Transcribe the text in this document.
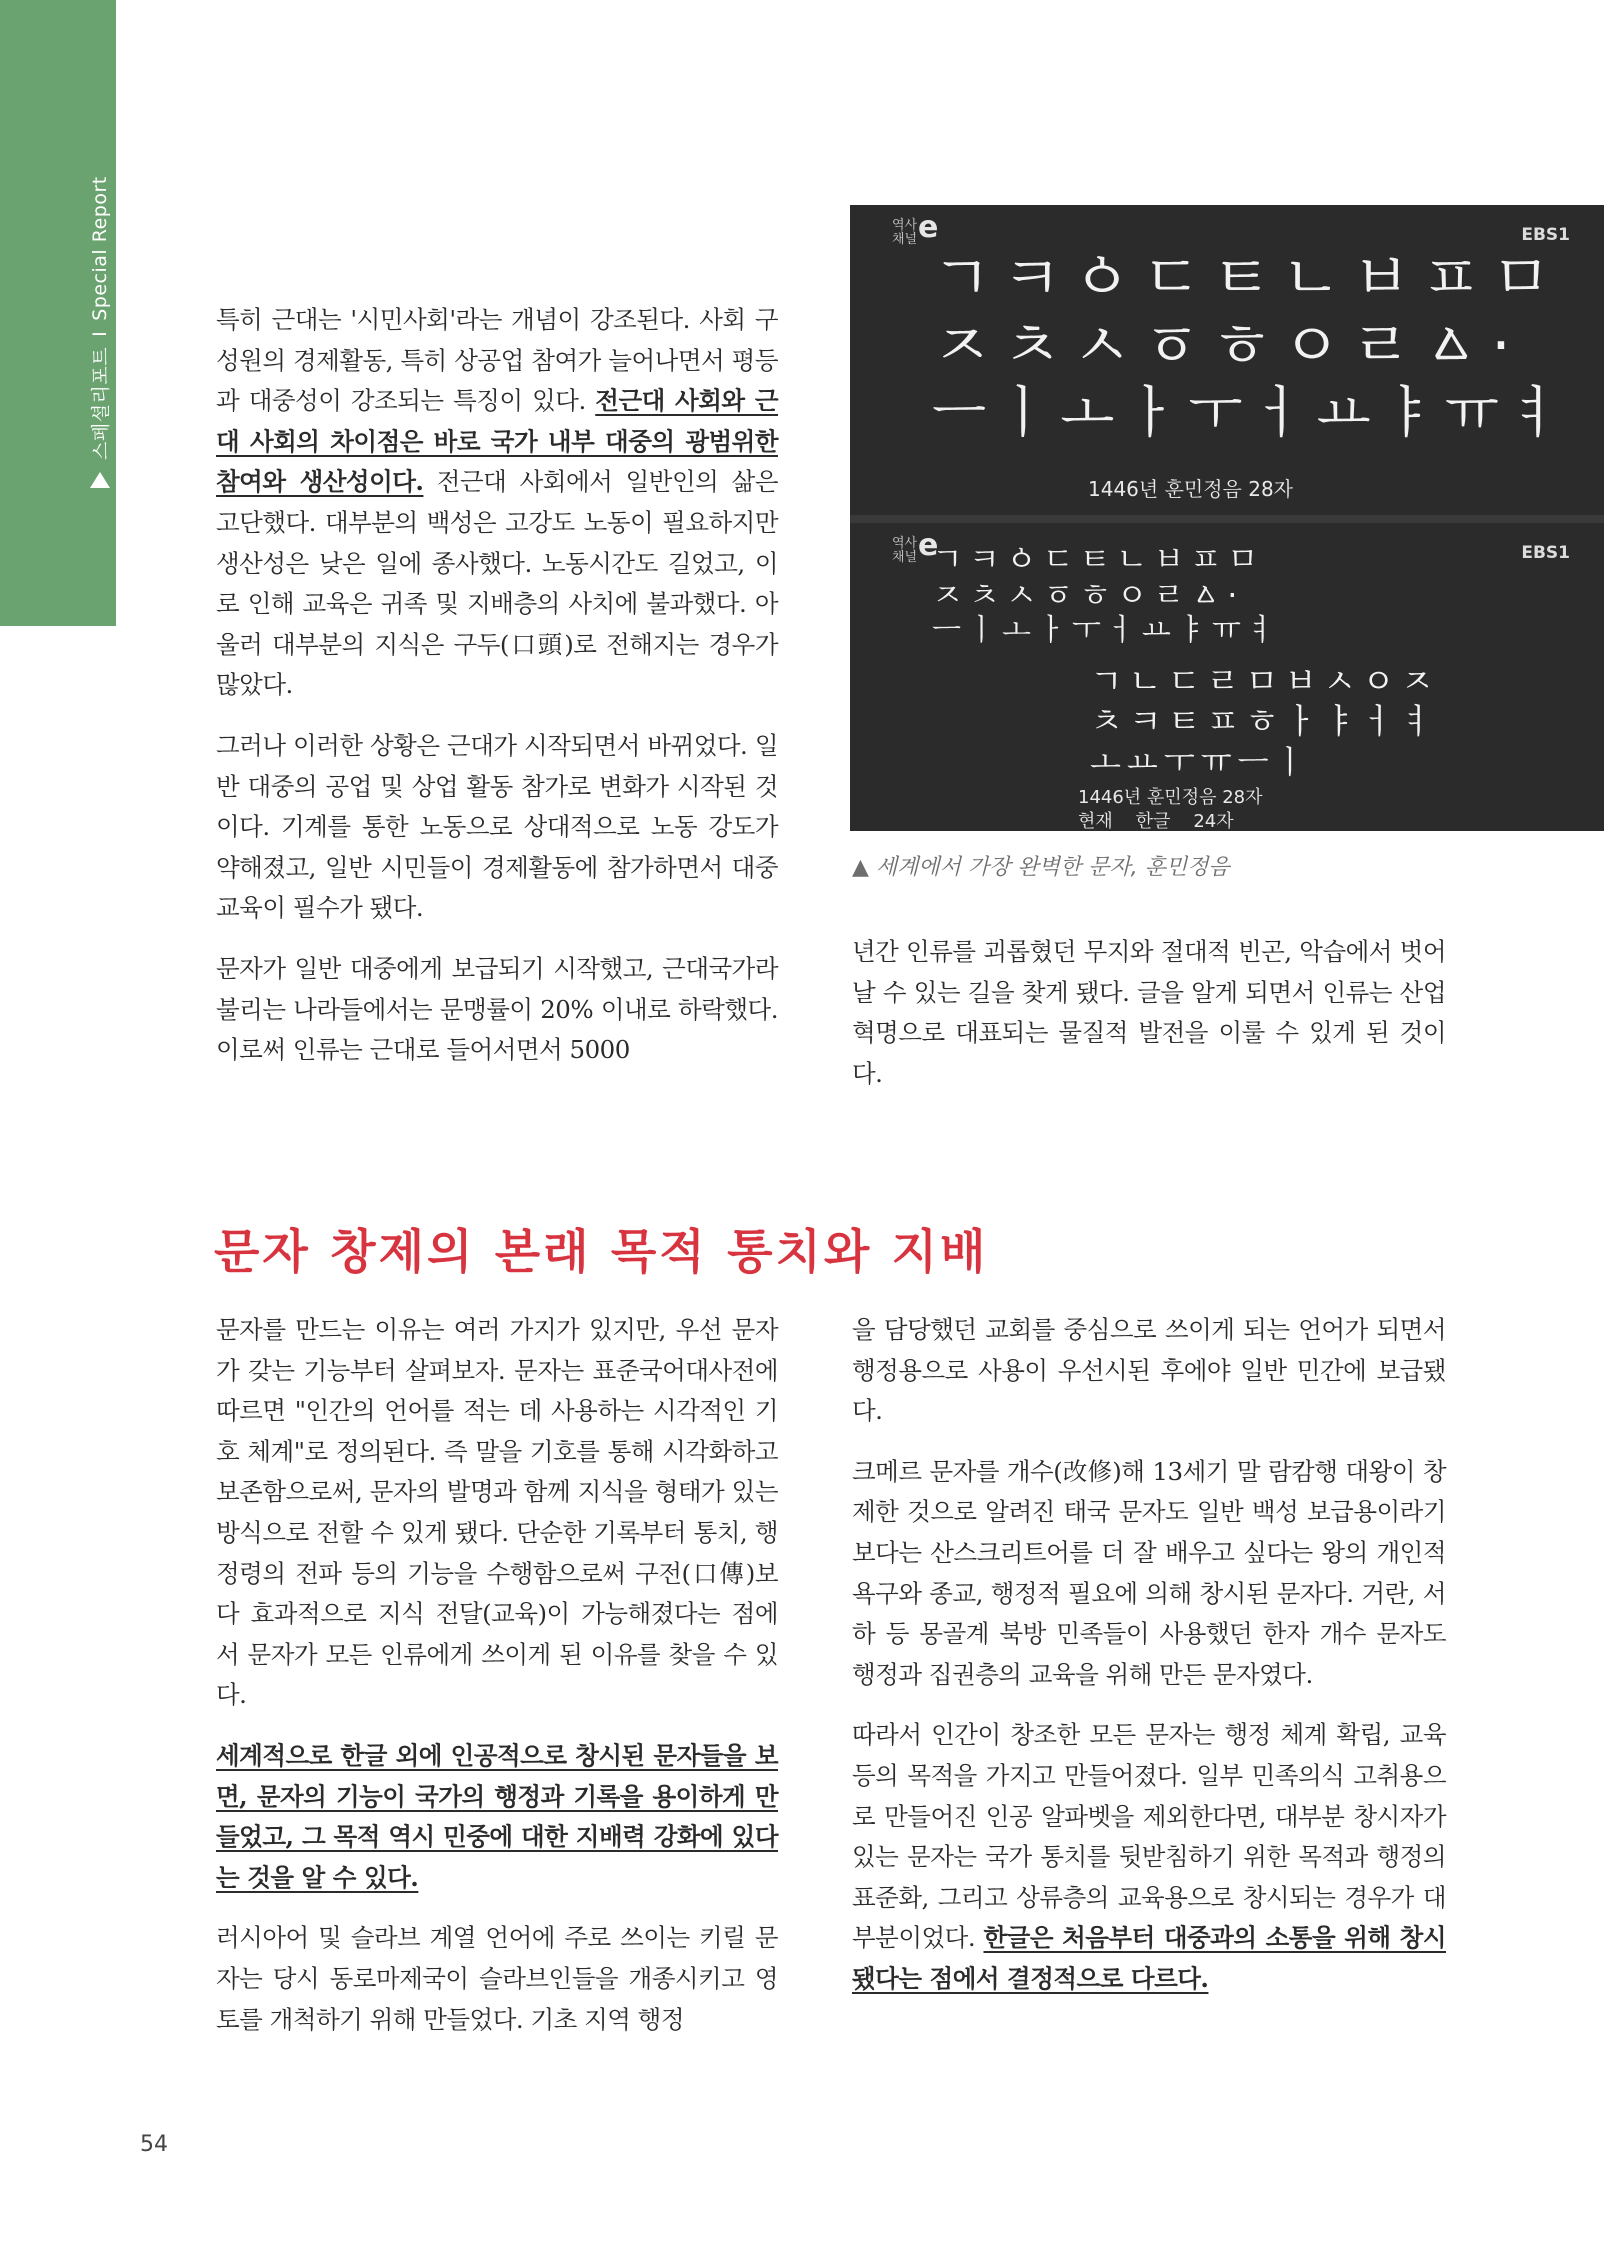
스페셜리포트
I
Special Report	특히 근대는 '시민사회'라는 개념이 강조된다. 사회 구성원의 경제활동, 특히 상공업 참여가 늘어나면서 평등과 대중성이 강조되는 특징이 있다. 전근대 사회와 근대 사회의 차이점은 바로 국가 내부 대중의 광범위한 참여와 생산성이다. 전근대 사회에서 일반인의 삶은 고단했다. 대부분의 백성은 고강도 노동이 필요하지만 생산성은 낮은 일에 종사했다. 노동시간도 길었고, 이로 인해 교육은 귀족 및 지배층의 사치에 불과했다. 아울러 대부분의 지식은 구두(口頭)로 전해지는 경우가 많았다.

그러나 이러한 상황은 근대가 시작되면서 바뀌었다. 일반 대중의 공업 및 상업 활동 참가로 변화가 시작된 것이다. 기계를 통한 노동으로 상대적으로 노동 강도가 약해졌고, 일반 시민들이 경제활동에 참가하면서 대중 교육이 필수가 됐다.

문자가 일반 대중에게 보급되기 시작했고, 근대국가라 불리는 나라들에서는 문맹률이 20% 이내로 하락했다. 이로써 인류는 근대로 들어서면서 5000

역사
채널 e	EBS1
ㄱㅋㆁㄷㅌㄴㅂㅍㅁ
ㅈㅊㅅㆆㅎㅇㄹㅿ·
ㅡㅣㅗㅏㅜㅓㅛㅑㅠㅕ
1446년 훈민정음 28자
역사
채널 e	EBS1
ㄱㅋㆁㄷㅌㄴㅂㅍㅁ
ㅈㅊㅅㆆㅎㅇㄹㅿ·
ㅡㅣㅗㅏㅜㅓㅛㅑㅠㅕ
ㄱㄴㄷㄹㅁㅂㅅㅇㅈ
ㅊㅋㅌㅍㅎㅏㅑㅓㅕ
ㅗㅛㅜㅠㅡㅣ
1446년 훈민정음 28자
현재    한글    24자
▲ 세계에서 가장 완벽한 문자, 훈민정음

년간 인류를 괴롭혔던 무지와 절대적 빈곤, 악습에서 벗어날 수 있는 길을 찾게 됐다. 글을 알게 되면서 인류는 산업혁명으로 대표되는 물질적 발전을 이룰 수 있게 된 것이다.

문자 창제의 본래 목적 통치와 지배

문자를 만드는 이유는 여러 가지가 있지만, 우선 문자가 갖는 기능부터 살펴보자. 문자는 표준국어대사전에 따르면 "인간의 언어를 적는 데 사용하는 시각적인 기호 체계"로 정의된다. 즉 말을 기호를 통해 시각화하고 보존함으로써, 문자의 발명과 함께 지식을 형태가 있는 방식으로 전할 수 있게 됐다. 단순한 기록부터 통치, 행정령의 전파 등의 기능을 수행함으로써 구전(口傳)보다 효과적으로 지식 전달(교육)이 가능해졌다는 점에서 문자가 모든 인류에게 쓰이게 된 이유를 찾을 수 있다.

세계적으로 한글 외에 인공적으로 창시된 문자들을 보면, 문자의 기능이 국가의 행정과 기록을 용이하게 만들었고, 그 목적 역시 민중에 대한 지배력 강화에 있다는 것을 알 수 있다.

러시아어 및 슬라브 계열 언어에 주로 쓰이는 키릴 문자는 당시 동로마제국이 슬라브인들을 개종시키고 영토를 개척하기 위해 만들었다. 기초 지역 행정

을 담당했던 교회를 중심으로 쓰이게 되는 언어가 되면서 행정용으로 사용이 우선시된 후에야 일반 민간에 보급됐다.

크메르 문자를 개수(改修)해 13세기 말 람캄행 대왕이 창제한 것으로 알려진 태국 문자도 일반 백성 보급용이라기보다는 산스크리트어를 더 잘 배우고 싶다는 왕의 개인적 욕구와 종교, 행정적 필요에 의해 창시된 문자다. 거란, 서하 등 몽골계 북방 민족들이 사용했던 한자 개수 문자도 행정과 집권층의 교육을 위해 만든 문자였다.

따라서 인간이 창조한 모든 문자는 행정 체계 확립, 교육 등의 목적을 가지고 만들어졌다. 일부 민족의식 고취용으로 만들어진 인공 알파벳을 제외한다면, 대부분 창시자가 있는 문자는 국가 통치를 뒷받침하기 위한 목적과 행정의 표준화, 그리고 상류층의 교육용으로 창시되는 경우가 대부분이었다. 한글은 처음부터 대중과의 소통을 위해 창시됐다는 점에서 결정적으로 다르다.

54
